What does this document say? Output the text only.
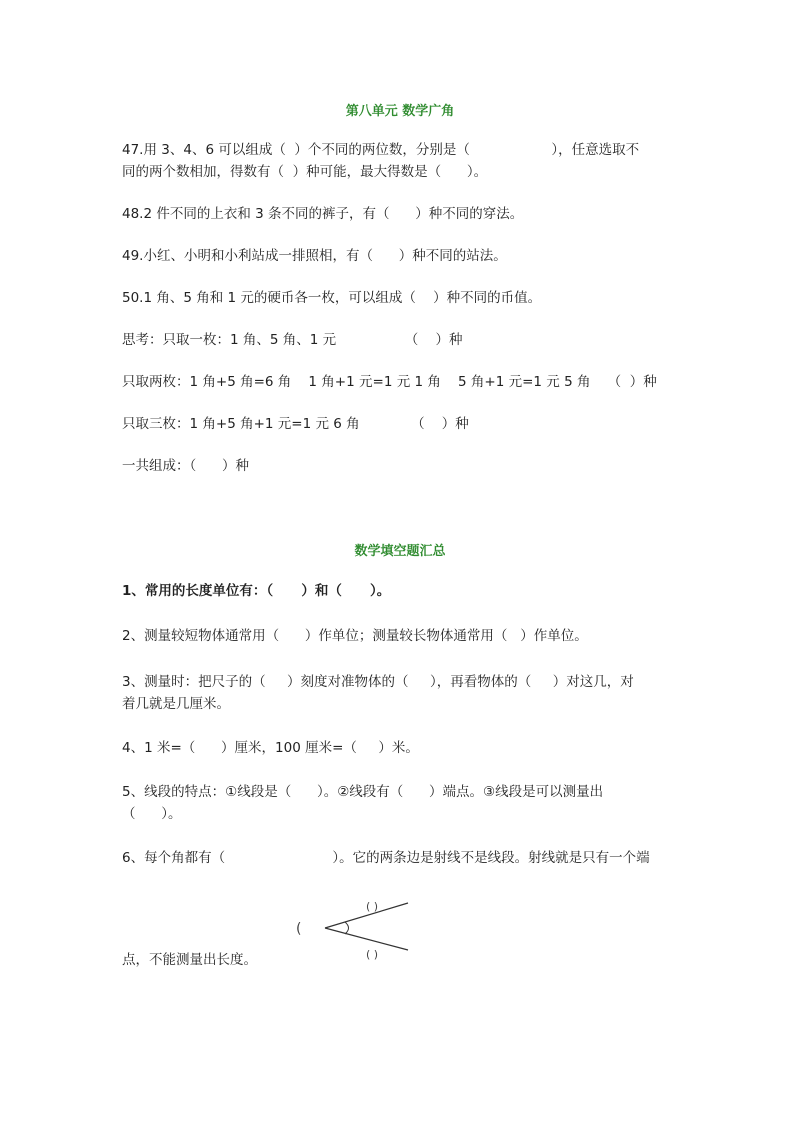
第八单元 数学广角
47.用 3、4、6 可以组成（  ）个不同的两位数，分别是（                   ），任意选取不
同的两个数相加，得数有（  ）种可能，最大得数是（      ）。
48.2 件不同的上衣和 3 条不同的裤子，有（      ）种不同的穿法。
49.小红、小明和小利站成一排照相，有（      ）种不同的站法。
50.1 角、5 角和 1 元的硬币各一枚，可以组成（    ）种不同的币值。
思考：只取一枚：1 角、5 角、1 元                （    ）种
只取两枚：1 角+5 角=6 角    1 角+1 元=1 元 1 角    5 角+1 元=1 元 5 角    （  ）种
只取三枚：1 角+5 角+1 元=1 元 6 角            （    ）种
一共组成：（      ）种
数学填空题汇总
1、常用的长度单位有：（      ）和（      ）。
2、测量较短物体通常用（      ）作单位；测量较长物体通常用（   ）作单位。
3、测量时：把尺子的（     ）刻度对准物体的（     ），再看物体的（     ）对这几，对
着几就是几厘米。
4、1 米=（      ）厘米，100 厘米=（     ）米。
5、线段的特点：①线段是（      ）。②线段有（      ）端点。③线段是可以测量出
（      ）。
6、每个角都有（                         ）。它的两条边是射线不是线段。射线就是只有一个端
点，不能测量出长度。
(
( )
( )
